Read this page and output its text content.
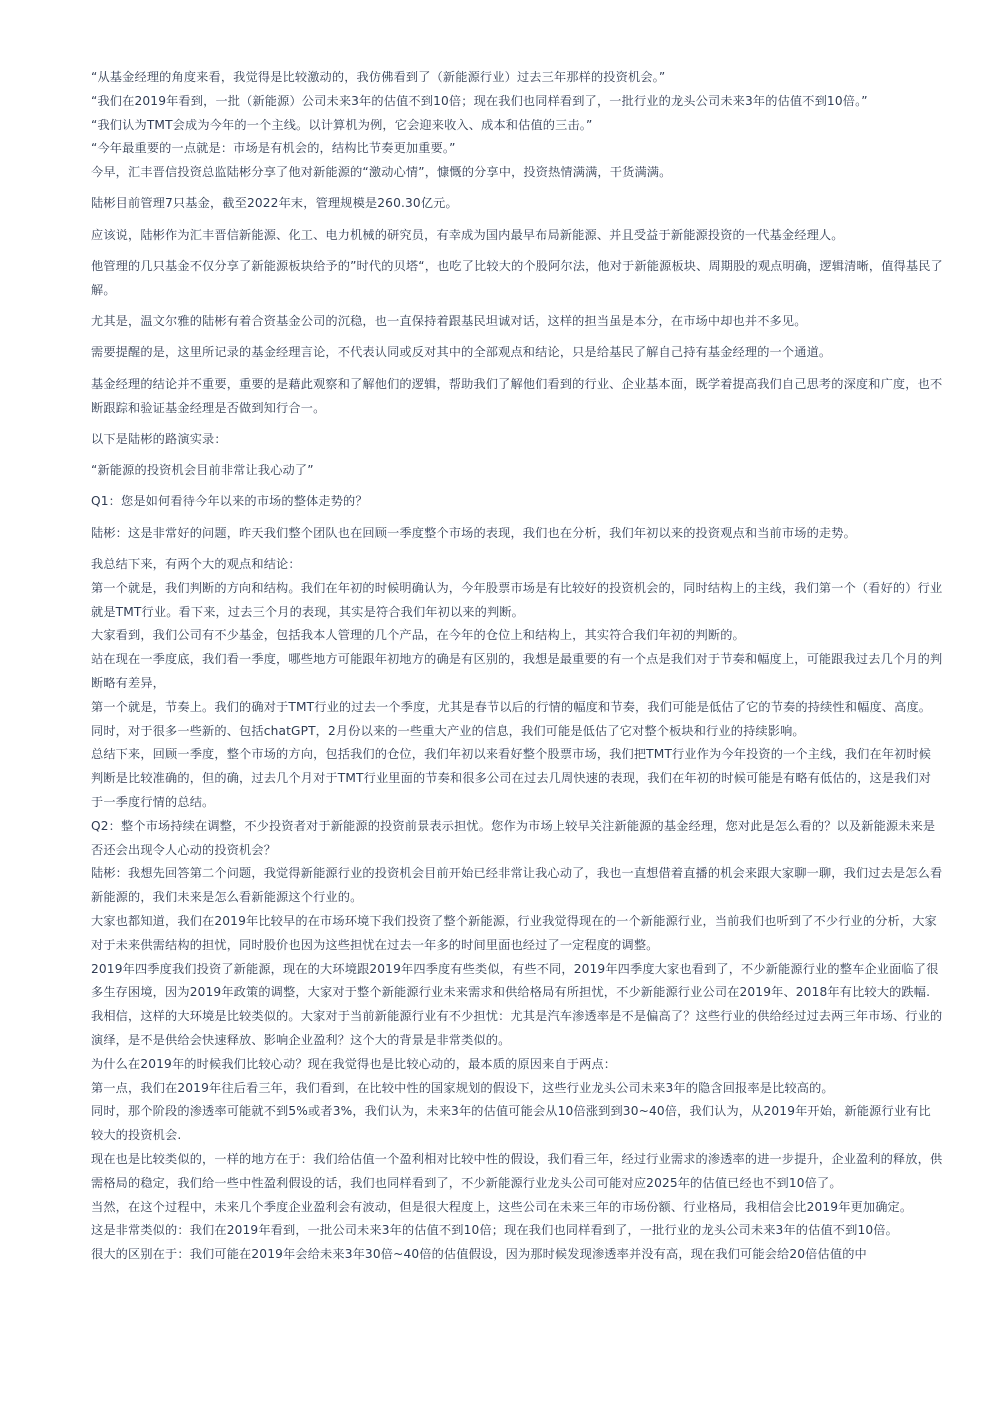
“从基金经理的角度来看，我觉得是比较激动的，我仿佛看到了（新能源行业）过去三年那样的投资机会。”

“我们在2019年看到，一批（新能源）公司未来3年的估值不到10倍；现在我们也同样看到了，一批行业的龙头公司未来3年的估值不到10倍。”

“我们认为TMT会成为今年的一个主线。以计算机为例，它会迎来收入、成本和估值的三击。”

“今年最重要的一点就是：市场是有机会的，结构比节奏更加重要。”

今早，汇丰晋信投资总监陆彬分享了他对新能源的“激动心情”，慷慨的分享中，投资热情满满，干货满满。

陆彬目前管理7只基金，截至2022年末，管理规模是260.30亿元。

应该说，陆彬作为汇丰晋信新能源、化工、电力机械的研究员，有幸成为国内最早布局新能源、并且受益于新能源投资的一代基金经理人。

他管理的几只基金不仅分享了新能源板块给予的”时代的贝塔“，也吃了比较大的个股阿尔法，他对于新能源板块、周期股的观点明确，逻辑清晰，值得基民了解。

尤其是，温文尔雅的陆彬有着合资基金公司的沉稳，也一直保持着跟基民坦诚对话，这样的担当虽是本分，在市场中却也并不多见。

需要提醒的是，这里所记录的基金经理言论，不代表认同或反对其中的全部观点和结论，只是给基民了解自己持有基金经理的一个通道。

基金经理的结论并不重要，重要的是藉此观察和了解他们的逻辑，帮助我们了解他们看到的行业、企业基本面，既学着提高我们自己思考的深度和广度，也不断跟踪和验证基金经理是否做到知行合一。

以下是陆彬的路演实录：

“新能源的投资机会目前非常让我心动了”

Q1：您是如何看待今年以来的市场的整体走势的？

陆彬：这是非常好的问题，昨天我们整个团队也在回顾一季度整个市场的表现，我们也在分析，我们年初以来的投资观点和当前市场的走势。

我总结下来，有两个大的观点和结论：

第一个就是，我们判断的方向和结构。我们在年初的时候明确认为，今年股票市场是有比较好的投资机会的，同时结构上的主线，我们第一个（看好的）行业就是TMT行业。看下来，过去三个月的表现，其实是符合我们年初以来的判断。

大家看到，我们公司有不少基金，包括我本人管理的几个产品，在今年的仓位上和结构上，其实符合我们年初的判断的。

站在现在一季度底，我们看一季度，哪些地方可能跟年初地方的确是有区别的，我想是最重要的有一个点是我们对于节奏和幅度上，可能跟我过去几个月的判断略有差异，

第一个就是，节奏上。我们的确对于TMT行业的过去一个季度，尤其是春节以后的行情的幅度和节奏，我们可能是低估了它的节奏的持续性和幅度、高度。同时，对于很多一些新的、包括chatGPT，2月份以来的一些重大产业的信息，我们可能是低估了它对整个板块和行业的持续影响。

总结下来，回顾一季度，整个市场的方向，包括我们的仓位，我们年初以来看好整个股票市场，我们把TMT行业作为今年投资的一个主线，我们在年初时候判断是比较准确的，但的确，过去几个月对于TMT行业里面的节奏和很多公司在过去几周快速的表现，我们在年初的时候可能是有略有低估的，这是我们对于一季度行情的总结。

Q2：整个市场持续在调整，不少投资者对于新能源的投资前景表示担忧。您作为市场上较早关注新能源的基金经理，您对此是怎么看的？以及新能源未来是否还会出现令人心动的投资机会？

陆彬：我想先回答第二个问题，我觉得新能源行业的投资机会目前开始已经非常让我心动了，我也一直想借着直播的机会来跟大家聊一聊，我们过去是怎么看新能源的，我们未来是怎么看新能源这个行业的。

大家也都知道，我们在2019年比较早的在市场环境下我们投资了整个新能源，行业我觉得现在的一个新能源行业，当前我们也听到了不少行业的分析，大家对于未来供需结构的担忧，同时股价也因为这些担忧在过去一年多的时间里面也经过了一定程度的调整。

2019年四季度我们投资了新能源，现在的大环境跟2019年四季度有些类似，有些不同，2019年四季度大家也看到了，不少新能源行业的整车企业面临了很多生存困境，因为2019年政策的调整，大家对于整个新能源行业未来需求和供给格局有所担忧，不少新能源行业公司在2019年、2018年有比较大的跌幅.

我相信，这样的大环境是比较类似的。大家对于当前新能源行业有不少担忧：尤其是汽车渗透率是不是偏高了？这些行业的供给经过过去两三年市场、行业的演绎，是不是供给会快速释放、影响企业盈利？这个大的背景是非常类似的。

为什么在2019年的时候我们比较心动？现在我觉得也是比较心动的，最本质的原因来自于两点：

第一点，我们在2019年往后看三年，我们看到，在比较中性的国家规划的假设下，这些行业龙头公司未来3年的隐含回报率是比较高的。

同时，那个阶段的渗透率可能就不到5%或者3%，我们认为，未来3年的估值可能会从10倍涨到到30~40倍，我们认为，从2019年开始，新能源行业有比较大的投资机会.

现在也是比较类似的，一样的地方在于：我们给估值一个盈利相对比较中性的假设，我们看三年，经过行业需求的渗透率的进一步提升，企业盈利的释放，供需格局的稳定，我们给一些中性盈利假设的话，我们也同样看到了，不少新能源行业龙头公司可能对应2025年的估值已经也不到10倍了。

当然，在这个过程中，未来几个季度企业盈利会有波动，但是很大程度上，这些公司在未来三年的市场份额、行业格局，我相信会比2019年更加确定。

这是非常类似的：我们在2019年看到，一批公司未来3年的估值不到10倍；现在我们也同样看到了，一批行业的龙头公司未来3年的估值不到10倍。

很大的区别在于：我们可能在2019年会给未来3年30倍~40倍的估值假设，因为那时候发现渗透率并没有高，现在我们可能会给20倍估值的中
